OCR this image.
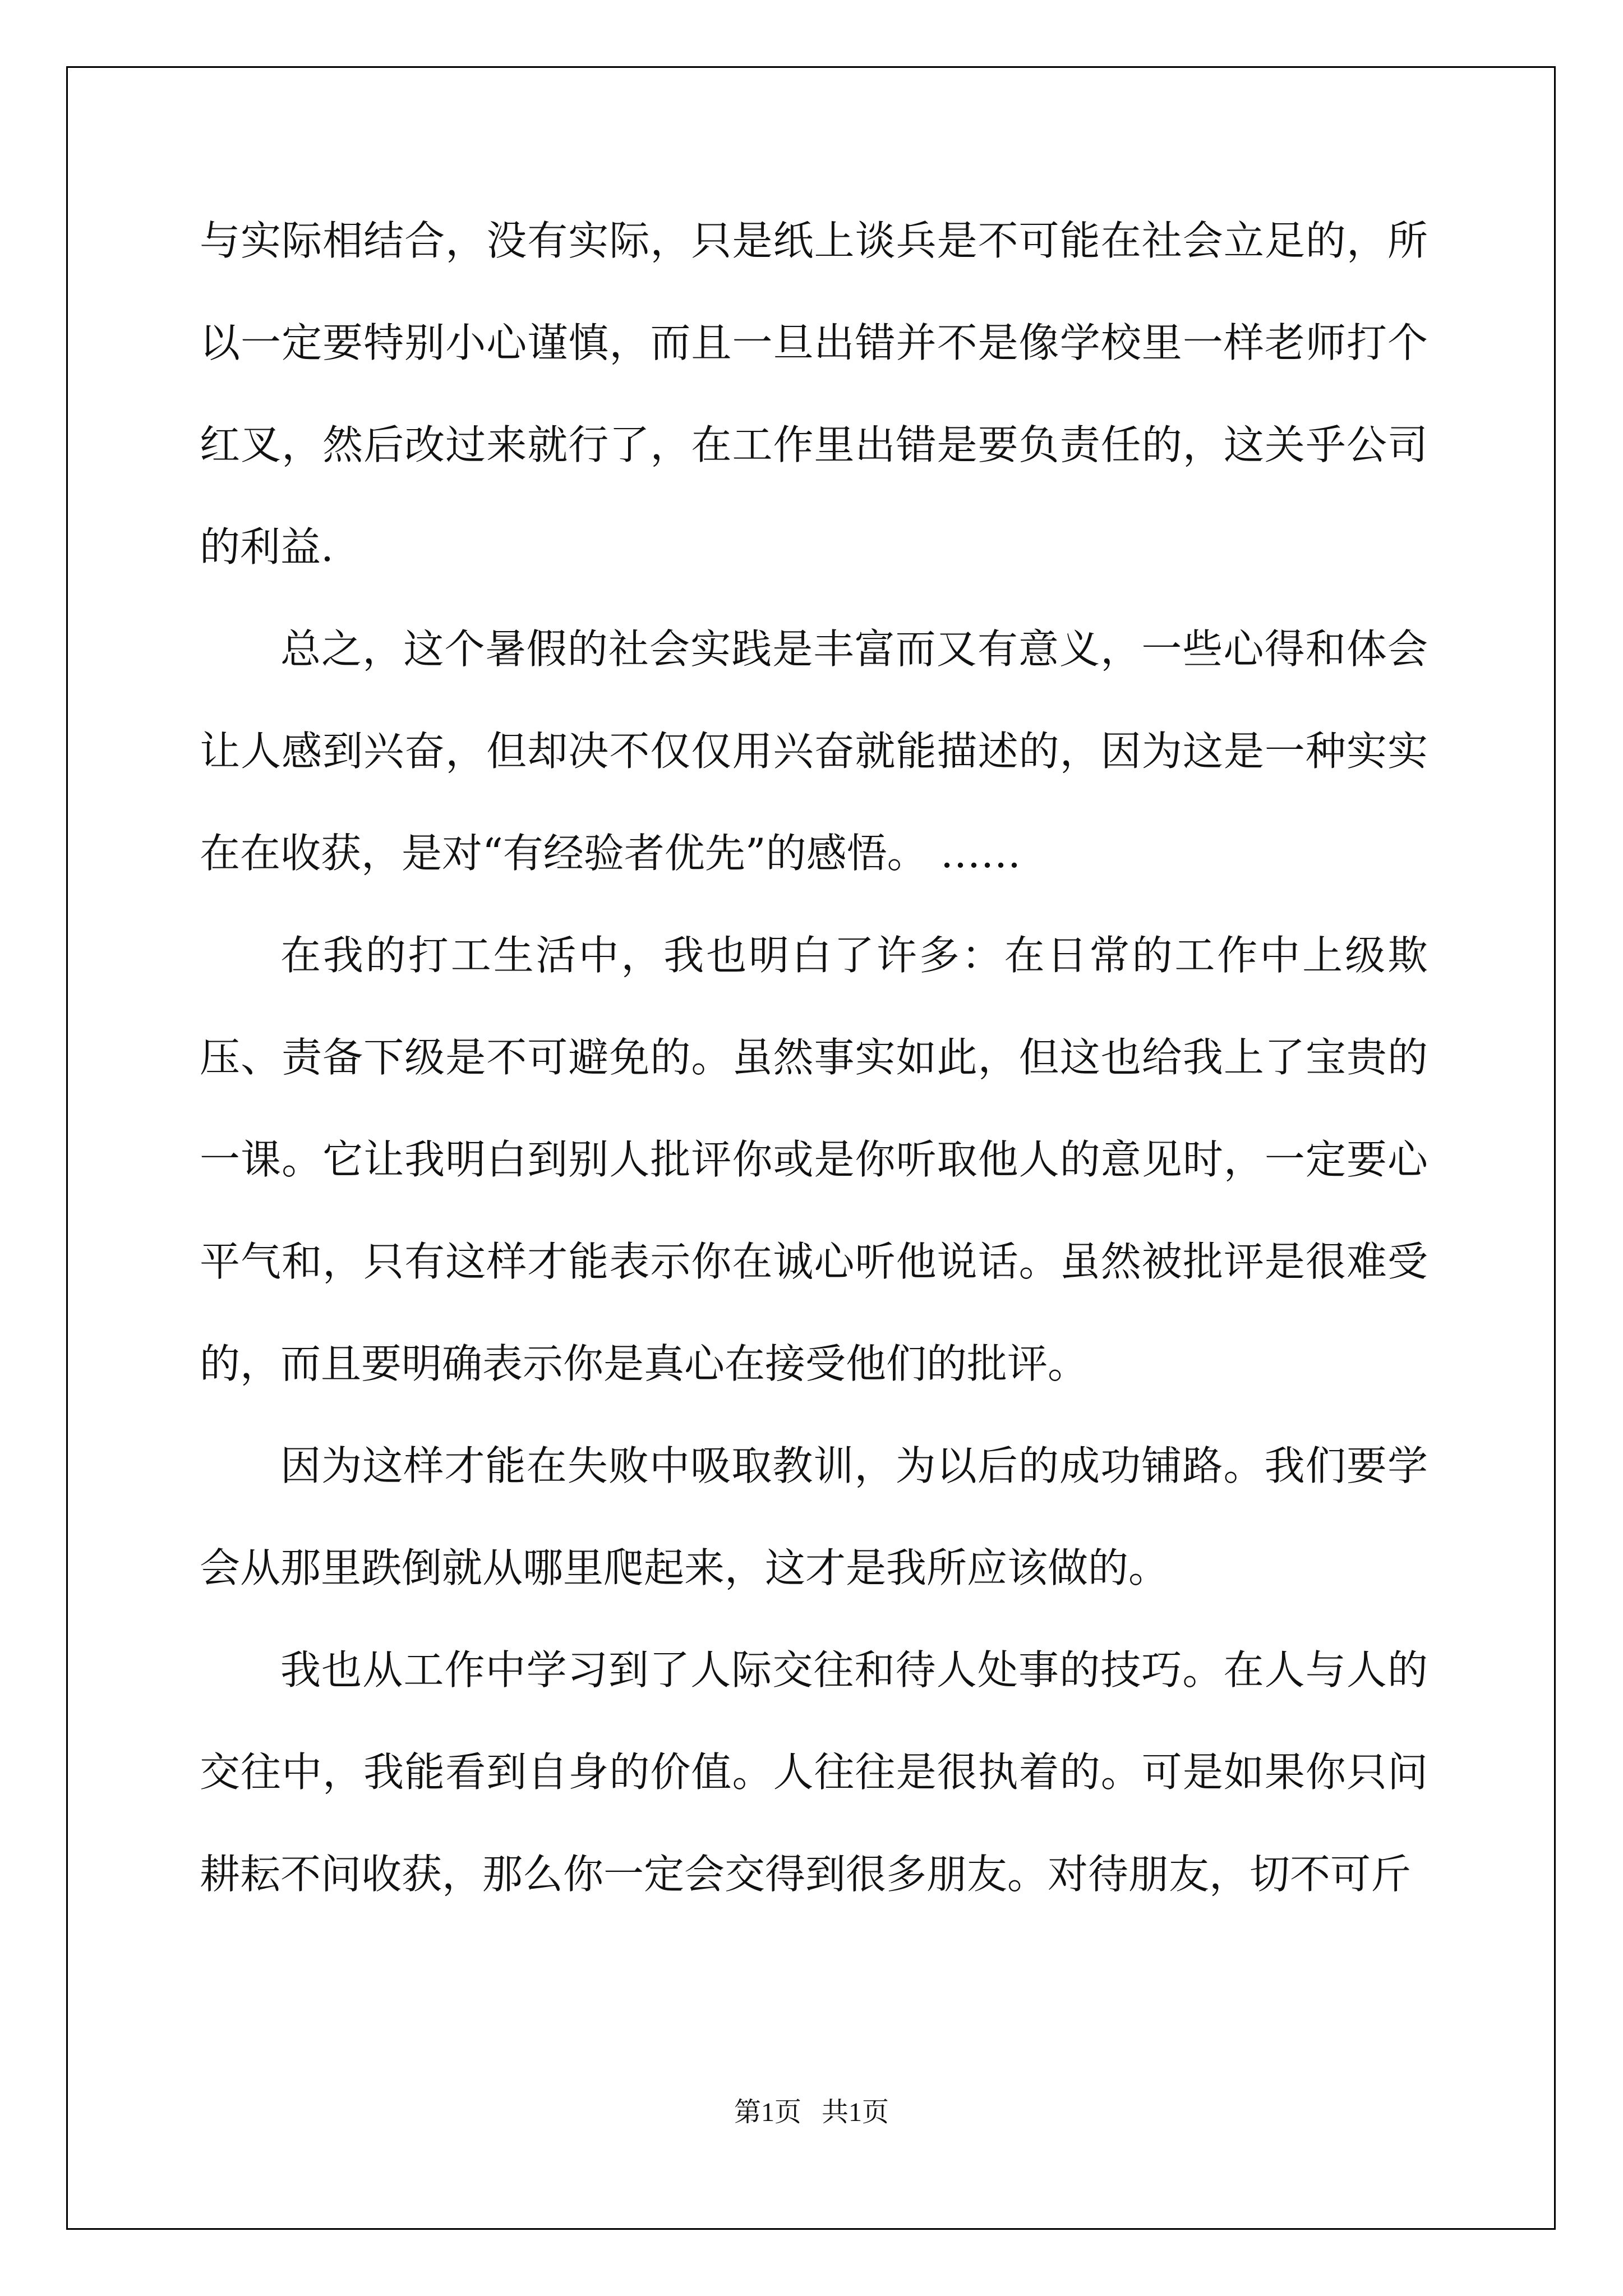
与实际相结合，没有实际，只是纸上谈兵是不可能在社会立足的，所以一定要特别小心谨慎，而且一旦出错并不是像学校里一样老师打个红叉，然后改过来就行了，在工作里出错是要负责任的，这关乎公司的利益.

总之，这个暑假的社会实践是丰富而又有意义，一些心得和体会让人感到兴奋，但却决不仅仅用兴奋就能描述的，因为这是一种实实在在收获，是对“有经验者优先”的感悟。 ……

在我的打工生活中，我也明白了许多：在日常的工作中上级欺压、责备下级是不可避免的。虽然事实如此，但这也给我上了宝贵的一课。它让我明白到别人批评你或是你听取他人的意见时，一定要心平气和，只有这样才能表示你在诚心听他说话。虽然被批评是很难受的，而且要明确表示你是真心在接受他们的批评。

因为这样才能在失败中吸取教训，为以后的成功铺路。我们要学会从那里跌倒就从哪里爬起来，这才是我所应该做的。

我也从工作中学习到了人际交往和待人处事的技巧。在人与人的交往中，我能看到自身的价值。人往往是很执着的。可是如果你只问耕耘不问收获，那么你一定会交得到很多朋友。对待朋友，切不可斤

第1页   共1页
